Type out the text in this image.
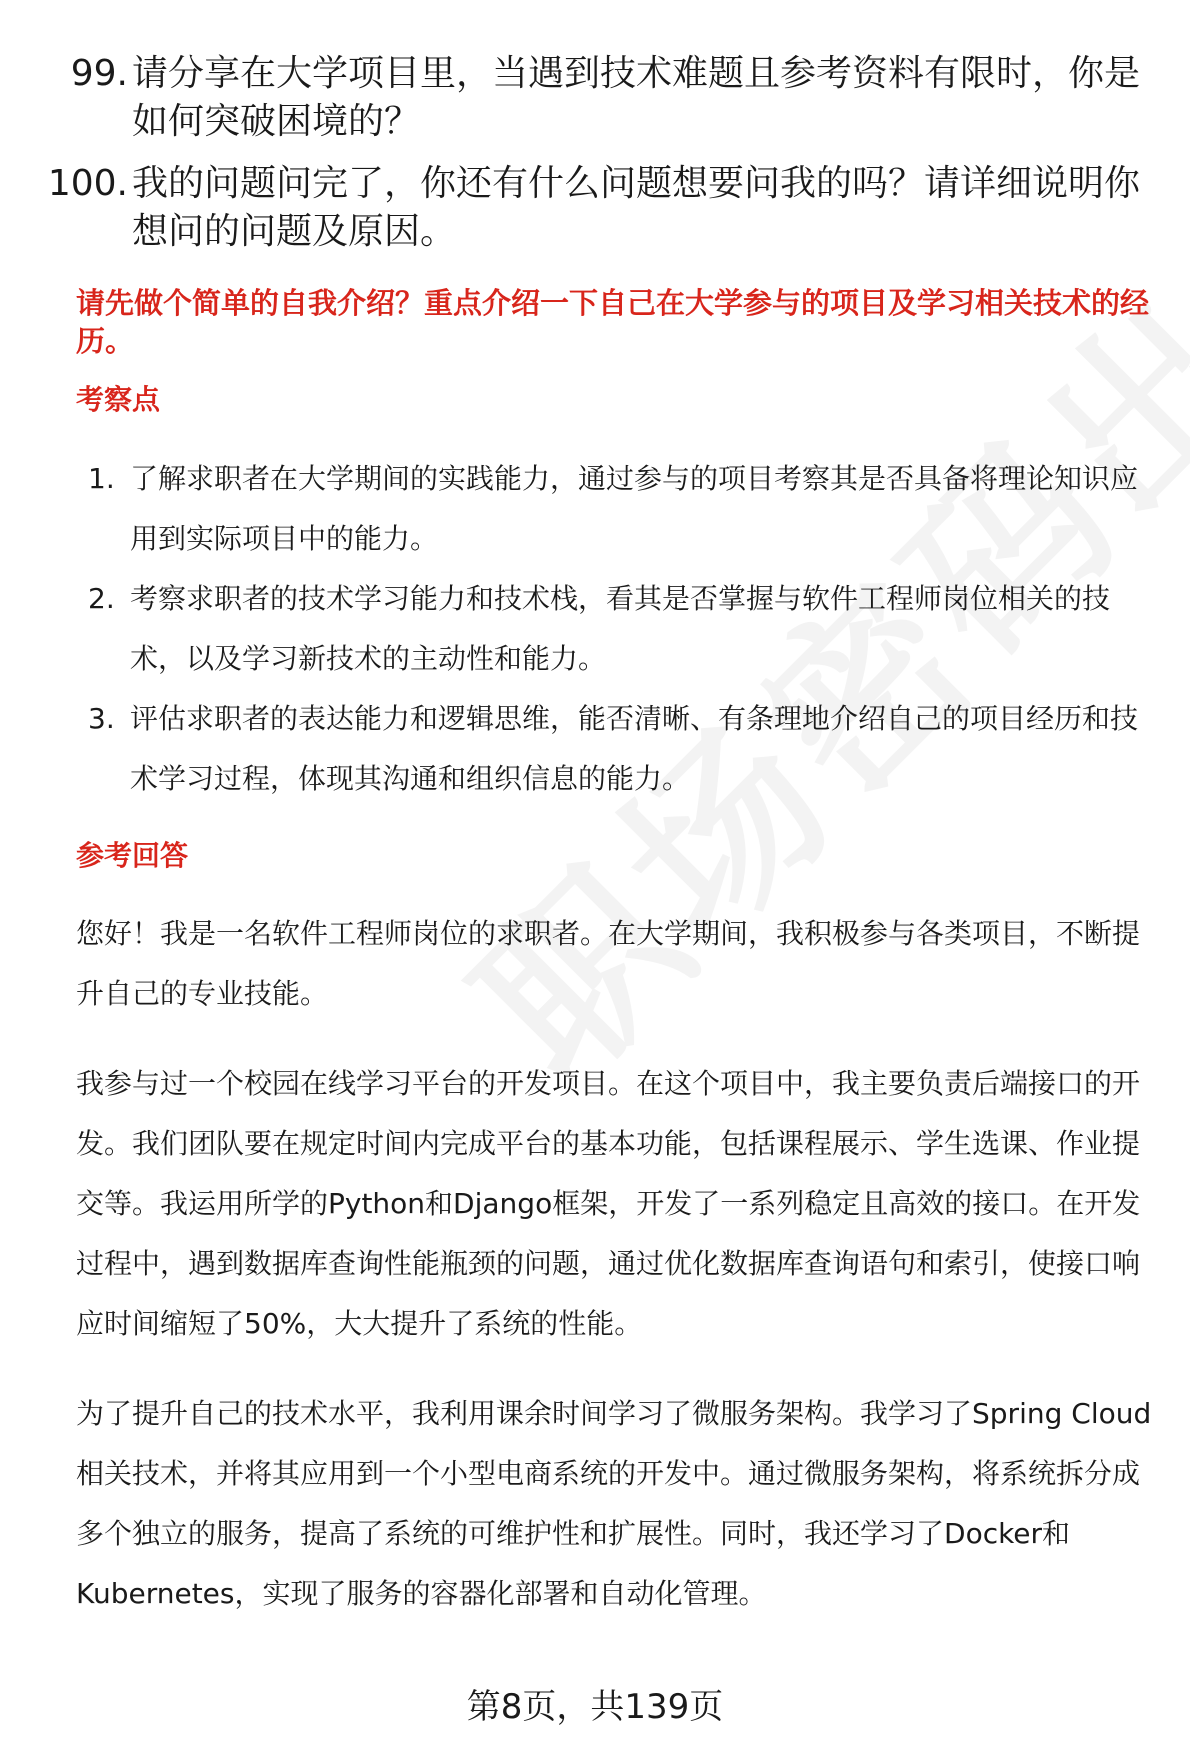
99. 请分享在大学项目里，当遇到技术难题且参考资料有限时，你是如何突破困境的？
100. 我的问题问完了，你还有什么问题想要问我的吗？请详细说明你想问的问题及原因。
请先做个简单的自我介绍？重点介绍一下自己在大学参与的项目及学习相关技术的经历。
考察点
1. 了解求职者在大学期间的实践能力，通过参与的项目考察其是否具备将理论知识应用到实际项目中的能力。
2. 考察求职者的技术学习能力和技术栈，看其是否掌握与软件工程师岗位相关的技术，以及学习新技术的主动性和能力。
3. 评估求职者的表达能力和逻辑思维，能否清晰、有条理地介绍自己的项目经历和技术学习过程，体现其沟通和组织信息的能力。
参考回答
您好！我是一名软件工程师岗位的求职者。在大学期间，我积极参与各类项目，不断提升自己的专业技能。
我参与过一个校园在线学习平台的开发项目。在这个项目中，我主要负责后端接口的开发。我们团队要在规定时间内完成平台的基本功能，包括课程展示、学生选课、作业提交等。我运用所学的Python和Django框架，开发了一系列稳定且高效的接口。在开发过程中，遇到数据库查询性能瓶颈的问题，通过优化数据库查询语句和索引，使接口响应时间缩短了50%，大大提升了系统的性能。
为了提升自己的技术水平，我利用课余时间学习了微服务架构。我学习了Spring Cloud相关技术，并将其应用到一个小型电商系统的开发中。通过微服务架构，将系统拆分成多个独立的服务，提高了系统的可维护性和扩展性。同时，我还学习了Docker和Kubernetes，实现了服务的容器化部署和自动化管理。
第8页，共139页
